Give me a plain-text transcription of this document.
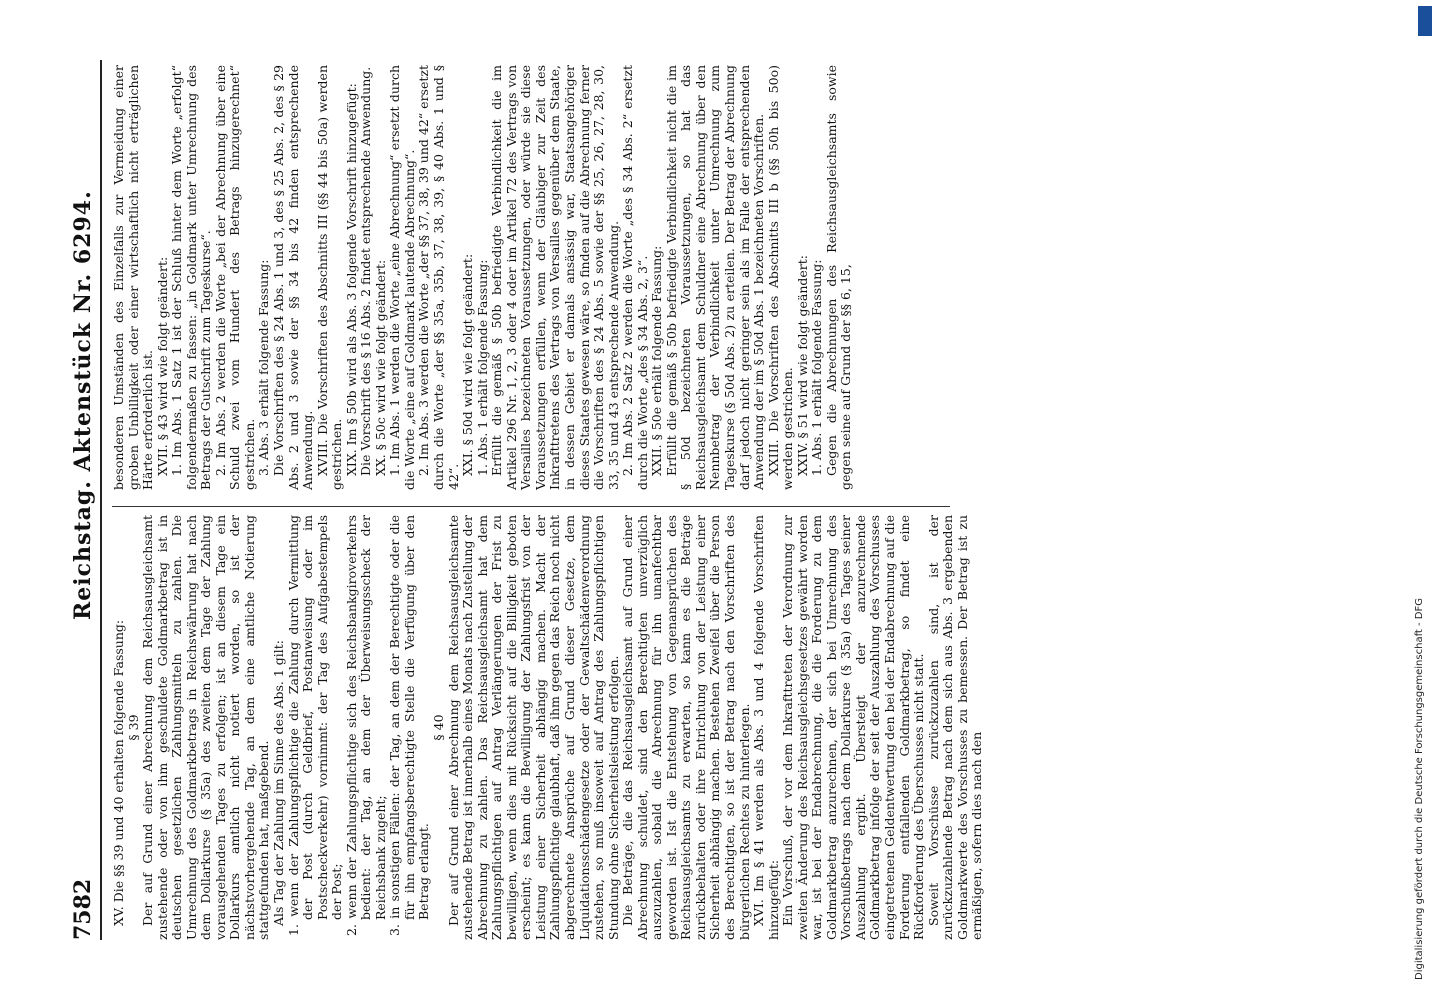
7582
Reichstag. Aktenstück Nr. 6294.

XV. Die §§ 39 und 40 erhalten folgende Fassung: § 39 Der auf Grund einer Abrechnung dem Reichsausgleichsamt zustehende oder von ihm geschuldete Goldmarkbetrag ist in deutschen gesetzlichen Zahlungsmitteln zu zahlen. Die Umrechnung des Goldmarkbetrags in Reichswährung hat nach dem Dollarkurse (§ 35a) des zweiten dem Tage der Zahlung vorausgehenden Tages zu erfolgen; ist an diesem Tage ein Dollarkurs amtlich nicht notiert worden, so ist der nächstvorhergehende Tag, an dem eine amtliche Notierung stattgefunden hat, maßgebend. Als Tag der Zahlung im Sinne des Abs. 1 gilt: 1. wenn der Zahlungspflichtige die Zahlung durch Vermittlung der Post (durch Geldbrief, Postanweisung oder im Postscheckverkehr) vornimmt: der Tag des Aufgabestempels der Post; 2. wenn der Zahlungspflichtige sich des Reichsbankgiroverkehrs bedient: der Tag, an dem der Überweisungsscheck der Reichsbank zugeht; 3. in sonstigen Fällen: der Tag, an dem der Berechtigte oder die für ihn empfangsberechtigte Stelle die Verfügung über den Betrag erlangt.

§ 40 Der auf Grund einer Abrechnung dem Reichsausgleichsamte zustehende Betrag ist innerhalb eines Monats nach Zustellung der Abrechnung zu zahlen. Das Reichsausgleichsamt hat dem Zahlungspflichtigen auf Antrag Verlängerungen der Frist zu bewilligen, wenn dies mit Rücksicht auf die Billigkeit geboten erscheint; es kann die Bewilligung der Zahlungsfrist von der Leistung einer Sicherheit abhängig machen. Macht der Zahlungspflichtige glaubhaft, daß ihm gegen das Reich noch nicht abgerechnete Ansprüche auf Grund dieser Gesetze, dem Liquidationsschädengesetze oder der Gewaltschädenverordnung zustehen, so muß insoweit auf Antrag des Zahlungspflichtigen Stundung ohne Sicherheitsleistung erfolgen. Die Beträge, die das Reichsausgleichsamt auf Grund einer Abrechnung schuldet, sind den Berechtigten unverzüglich auszuzahlen, sobald die Abrechnung für ihn unanfechtbar geworden ist. Ist die Entstehung von Gegenansprüchen des Reichsausgleichsamts zu erwarten, so kann es die Beträge zurückbehalten oder ihre Entrichtung von der Leistung einer Sicherheit abhängig machen. Bestehen Zweifel über die Person des Berechtigten, so ist der Betrag nach den Vorschriften des bürgerlichen Rechtes zu hinterlegen. XVI. Im § 41 werden als Abs. 3 und 4 folgende Vorschriften hinzugefügt: Ein Vorschuß, der vor dem Inkrafttreten der Verordnung zur zweiten Änderung des Reichsausgleichsgesetzes gewährt worden war, ist bei der Endabrechnung, die die Forderung zu dem Goldmarkbetrag anzurechnen, der sich bei Umrechnung des Vorschußbetrags nach dem Dollarkurse (§ 35a) des Tages seiner Auszahlung ergibt. Übersteigt der anzurechnende Goldmarkbetrag infolge der seit der Auszahlung des Vorschusses eingetretenen Geldentwertung den bei der Endabrechnung auf die Forderung entfallenden Goldmarkbetrag, so findet eine Rückforderung des Überschusses nicht statt. Soweit Vorschüsse zurückzuzahlen sind, ist der zurückzuzahlende Betrag nach dem sich aus Abs. 3 ergebenden Goldmarkwerte des Vorschusses zu bemessen. Der Betrag ist zu ermäßigen, sofern dies nach den

besonderen Umständen des Einzelfalls zur Vermeidung einer groben Unbilligkeit oder einer wirtschaftlich nicht erträglichen Härte erforderlich ist. XVII. § 43 wird wie folgt geändert: 1. Im Abs. 1 Satz 1 ist der Schluß hinter dem Worte „erfolgt“ folgendermaßen zu fassen: „in Goldmark unter Umrechnung des Betrags der Gutschrift zum Tageskurse“. 2. Im Abs. 2 werden die Worte „bei der Abrechnung über eine Schuld zwei vom Hundert des Betrags hinzugerechnet“ gestrichen. 3. Abs. 3 erhält folgende Fassung: Die Vorschriften des § 24 Abs. 1 und 3, des § 25 Abs. 2, des § 29 Abs. 2 und 3 sowie der §§ 34 bis 42 finden entsprechende Anwendung. XVIII. Die Vorschriften des Abschnitts III (§§ 44 bis 50a) werden gestrichen. XIX. Im § 50b wird als Abs. 3 folgende Vorschrift hinzugefügt: Die Vorschrift des § 16 Abs. 2 findet entsprechende Anwendung. XX. § 50c wird wie folgt geändert: 1. Im Abs. 1 werden die Worte „eine Abrechnung“ ersetzt durch die Worte „eine auf Goldmark lautende Abrechnung“. 2. Im Abs. 3 werden die Worte „der §§ 37, 38, 39 und 42“ ersetzt durch die Worte „der §§ 35a, 35b, 37, 38, 39, § 40 Abs. 1 und § 42“.

XXI. § 50d wird wie folgt geändert: 1. Abs. 1 erhält folgende Fassung: Erfüllt die gemäß § 50b befriedigte Verbindlichkeit die im Artikel 296 Nr. 1, 2, 3 oder 4 oder im Artikel 72 des Vertrags von Versailles bezeichneten Voraussetzungen, oder würde sie diese Voraussetzungen erfüllen, wenn der Gläubiger zur Zeit des Inkrafttretens des Vertrags von Versailles gegenüber dem Staate, in dessen Gebiet er damals ansässig war, Staatsangehöriger dieses Staates gewesen wäre, so finden auf die Abrechnung ferner die Vorschriften des § 24 Abs. 5 sowie der §§ 25, 26, 27, 28, 30, 33, 35 und 43 entsprechende Anwendung. 2. Im Abs. 2 Satz 2 werden die Worte „des § 34 Abs. 2“ ersetzt durch die Worte „des § 34 Abs. 2, 3“. XXII. § 50e erhält folgende Fassung: Erfüllt die gemäß § 50b befriedigte Verbindlichkeit nicht die im § 50d bezeichneten Voraussetzungen, so hat das Reichsausgleichsamt dem Schuldner eine Abrechnung über den Nennbetrag der Verbindlichkeit unter Umrechnung zum Tageskurse (§ 50d Abs. 2) zu erteilen. Der Betrag der Abrechnung darf jedoch nicht geringer sein als im Falle der entsprechenden Anwendung der im § 50d Abs. 1 bezeichneten Vorschriften. XXIII. Die Vorschriften des Abschnitts III b (§§ 50h bis 50o) werden gestrichen. XXIV. § 51 wird wie folgt geändert: 1. Abs. 1 erhält folgende Fassung: Gegen die Abrechnungen des Reichsausgleichsamts sowie gegen seine auf Grund der §§ 6, 15,

Digitalisierung gefördert durch die Deutsche Forschungsgemeinschaft - DFG
